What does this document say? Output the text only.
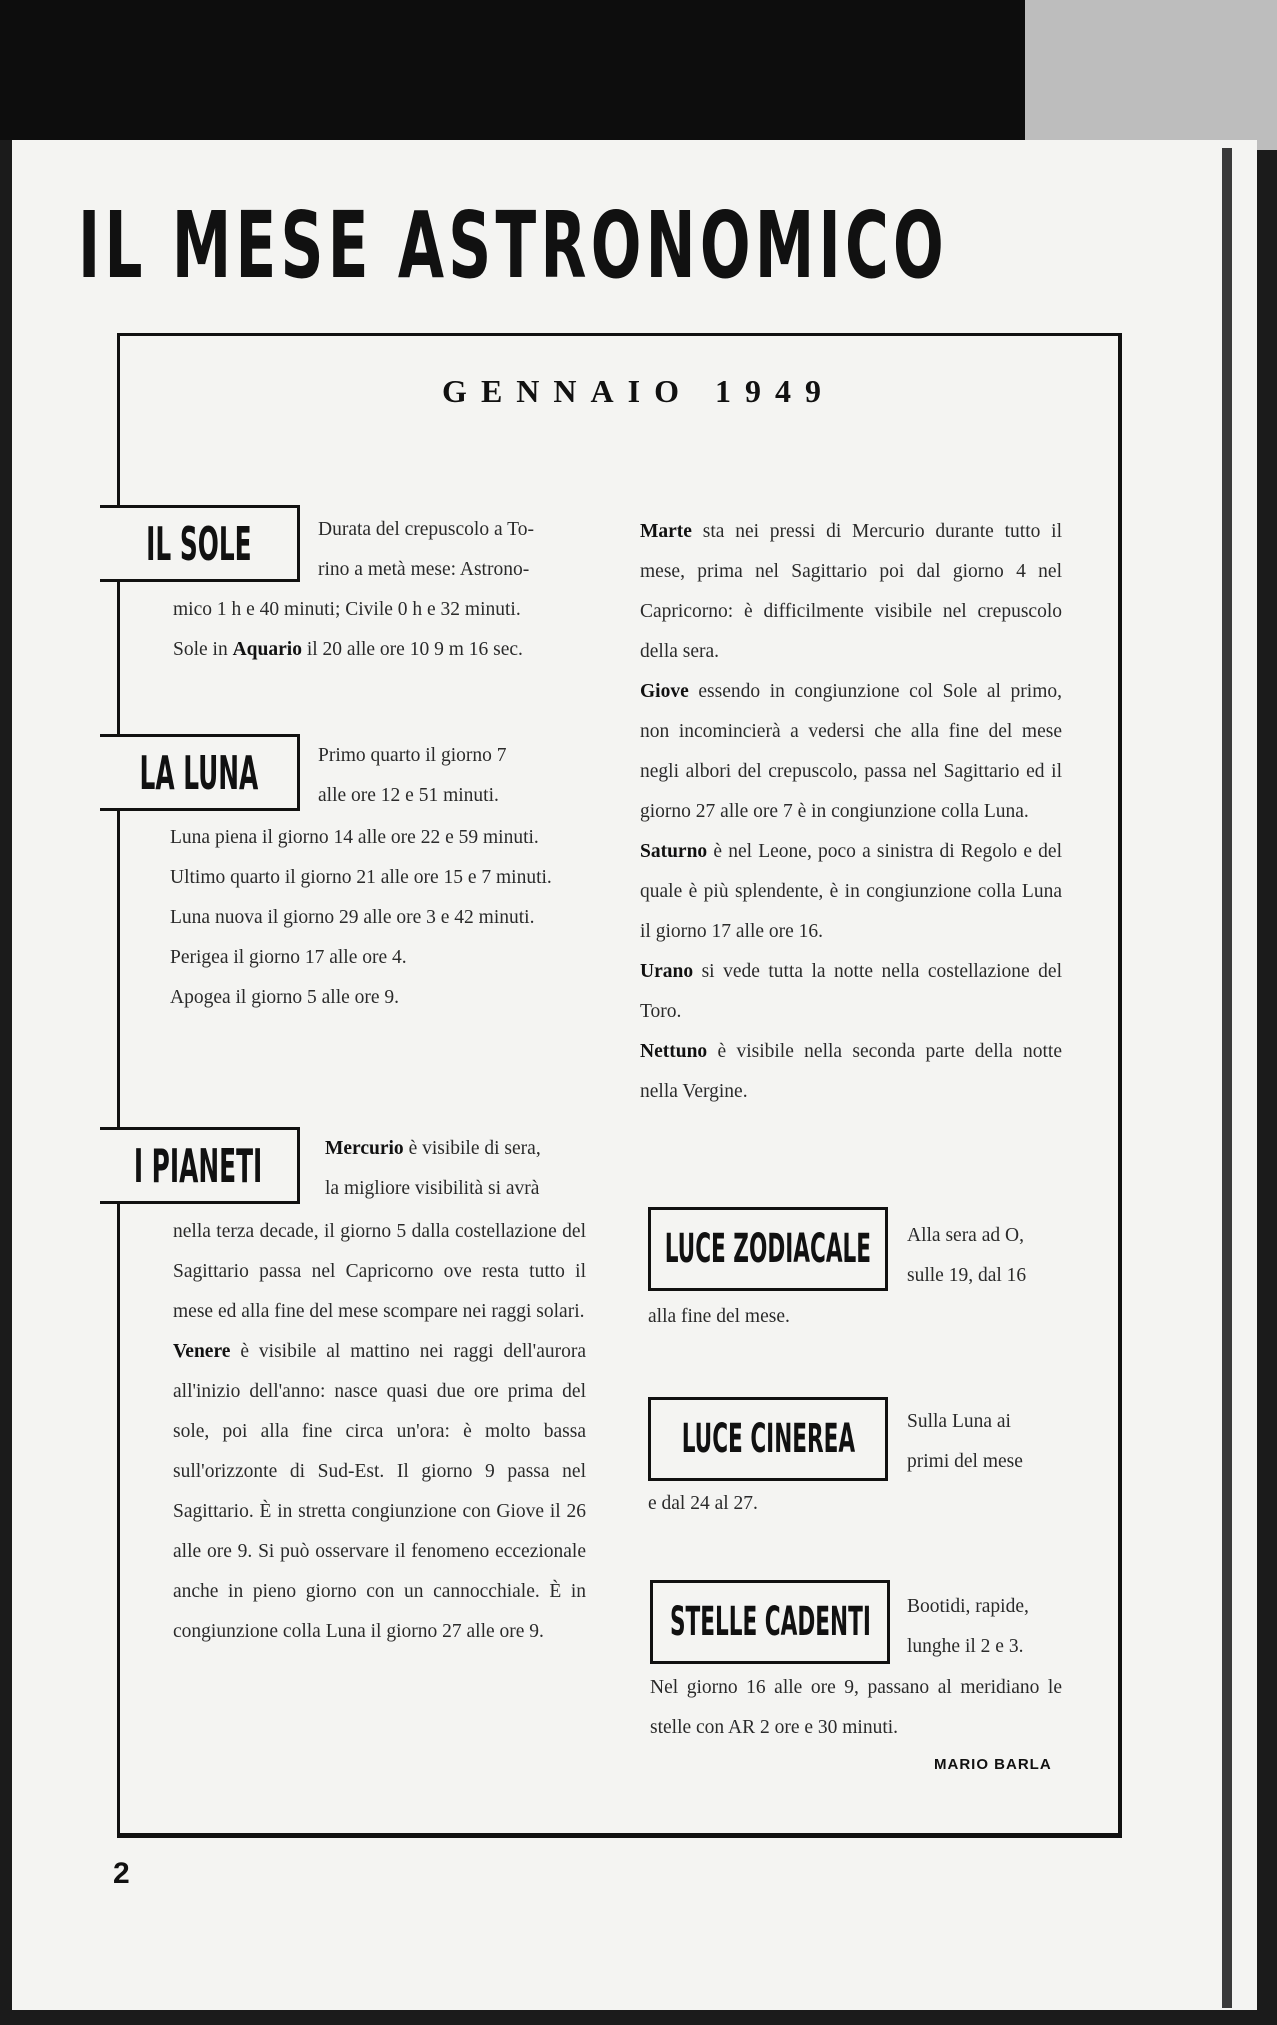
IL MESE ASTRONOMICO
GENNAIO 1949
IL SOLE	Durata del crepuscolo a To-
rino a metà mese: Astrono-

mico 1 h e 40 minuti; Civile 0 h e 32 minuti.

Sole in Aquario il 20 alle ore 10 9 m 16 sec.

LA LUNA	Primo quarto il giorno 7
alle ore 12 e 51 minuti.

Luna piena il giorno 14 alle ore 22 e 59 minuti.

Ultimo quarto il giorno 21 alle ore 15 e 7 minuti.

Luna nuova il giorno 29 alle ore 3 e 42 minuti.

Perigea il giorno 17 alle ore 4.

Apogea il giorno 5 alle ore 9.

I PIANETI	Mercurio è visibile di sera,
la migliore visibilità si avrà

nella terza decade, il giorno 5 dalla costellazione del Sagittario passa nel Capricorno ove resta tutto il mese ed alla fine del mese scompare nei raggi solari.

Venere è visibile al mattino nei raggi dell'aurora all'inizio dell'anno: nasce quasi due ore prima del sole, poi alla fine circa un'ora: è molto bassa sull'orizzonte di Sud-Est. Il giorno 9 passa nel Sagittario. È in stretta congiunzione con Giove il 26 alle ore 9. Si può osservare il fenomeno eccezionale anche in pieno giorno con un cannocchiale. È in congiunzione colla Luna il giorno 27 alle ore 9.

Marte sta nei pressi di Mercurio durante tutto il mese, prima nel Sagittario poi dal giorno 4 nel Capricorno: è difficilmente visibile nel crepuscolo della sera.

Giove essendo in congiunzione col Sole al primo, non incomincierà a vedersi che alla fine del mese negli albori del crepuscolo, passa nel Sagittario ed il giorno 27 alle ore 7 è in congiunzione colla Luna.

Saturno è nel Leone, poco a sinistra di Regolo e del quale è più splendente, è in congiunzione colla Luna il giorno 17 alle ore 16.

Urano si vede tutta la notte nella costellazione del Toro.

Nettuno è visibile nella seconda parte della notte nella Vergine.

LUCE ZODIACALE Alla sera ad O,
sulle 19, dal 16

alla fine del mese.

LUCE CINEREA	Sulla Luna ai
primi del mese

e dal 24 al 27.

STELLE CADENTI Bootidi, rapide,
lunghe il 2 e 3.

Nel giorno 16 alle ore 9, passano al meridiano le stelle con AR 2 ore e 30 minuti.

MARIO BARLA
2
